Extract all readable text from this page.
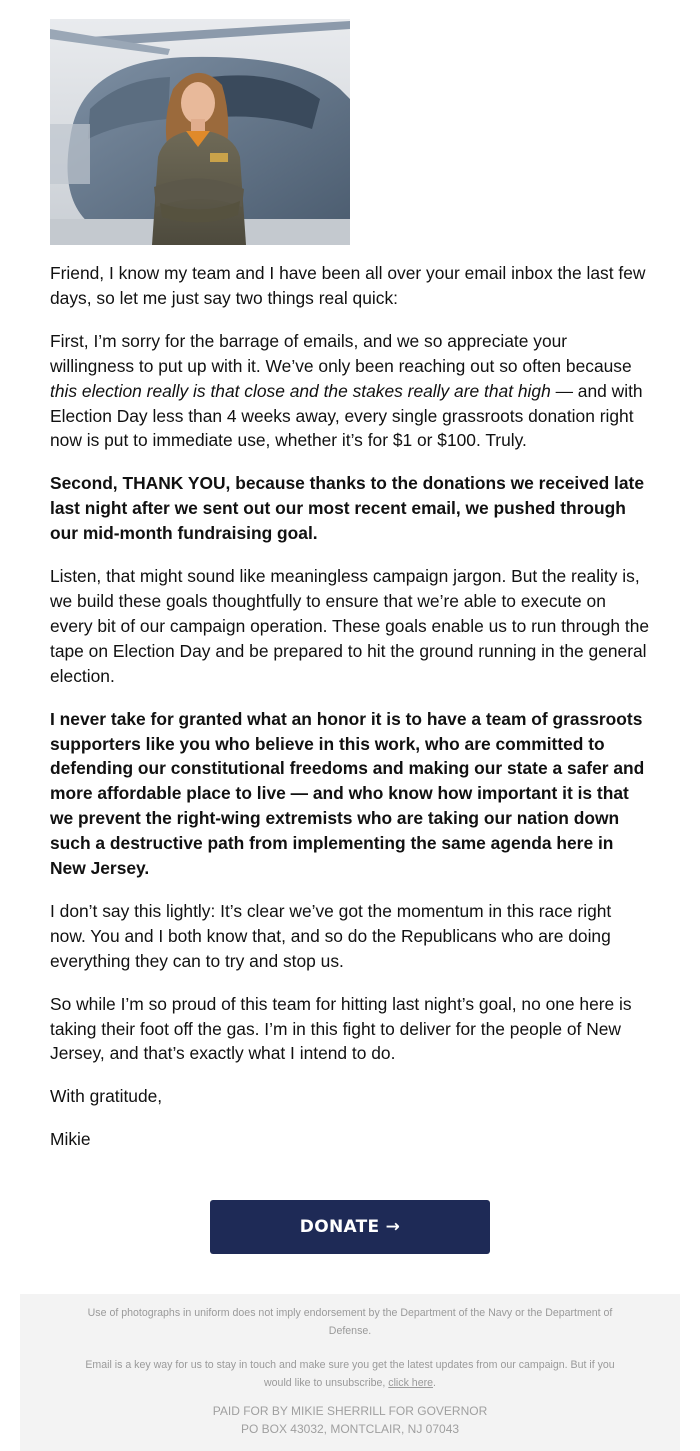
Friend, I know my team and I have been all over your email inbox the last few days, so let me just say two things real quick:

First, I’m sorry for the barrage of emails, and we so appreciate your willingness to put up with it. We’ve only been reaching out so often because this election really is that close and the stakes really are that high — and with Election Day less than 4 weeks away, every single grassroots donation right now is put to immediate use, whether it’s for $1 or $100. Truly.

Second, THANK YOU, because thanks to the donations we received late last night after we sent out our most recent email, we pushed through our mid-month fundraising goal.

Listen, that might sound like meaningless campaign jargon. But the reality is, we build these goals thoughtfully to ensure that we’re able to execute on every bit of our campaign operation. These goals enable us to run through the tape on Election Day and be prepared to hit the ground running in the general election.

I never take for granted what an honor it is to have a team of grassroots supporters like you who believe in this work, who are committed to defending our constitutional freedoms and making our state a safer and more affordable place to live — and who know how important it is that we prevent the right-wing extremists who are taking our nation down such a destructive path from implementing the same agenda here in New Jersey.

I don’t say this lightly: It’s clear we’ve got the momentum in this race right now. You and I both know that, and so do the Republicans who are doing everything they can to try and stop us.

So while I’m so proud of this team for hitting last night’s goal, no one here is taking their foot off the gas. I’m in this fight to deliver for the people of New Jersey, and that’s exactly what I intend to do.

With gratitude,

Mikie

DONATE →
Use of photographs in uniform does not imply endorsement by the Department of the Navy or the Department of Defense.
Email is a key way for us to stay in touch and make sure you get the latest updates from our campaign. But if you would like to unsubscribe, click here.
PAID FOR BY MIKIE SHERRILL FOR GOVERNOR
PO BOX 43032, MONTCLAIR, NJ 07043
